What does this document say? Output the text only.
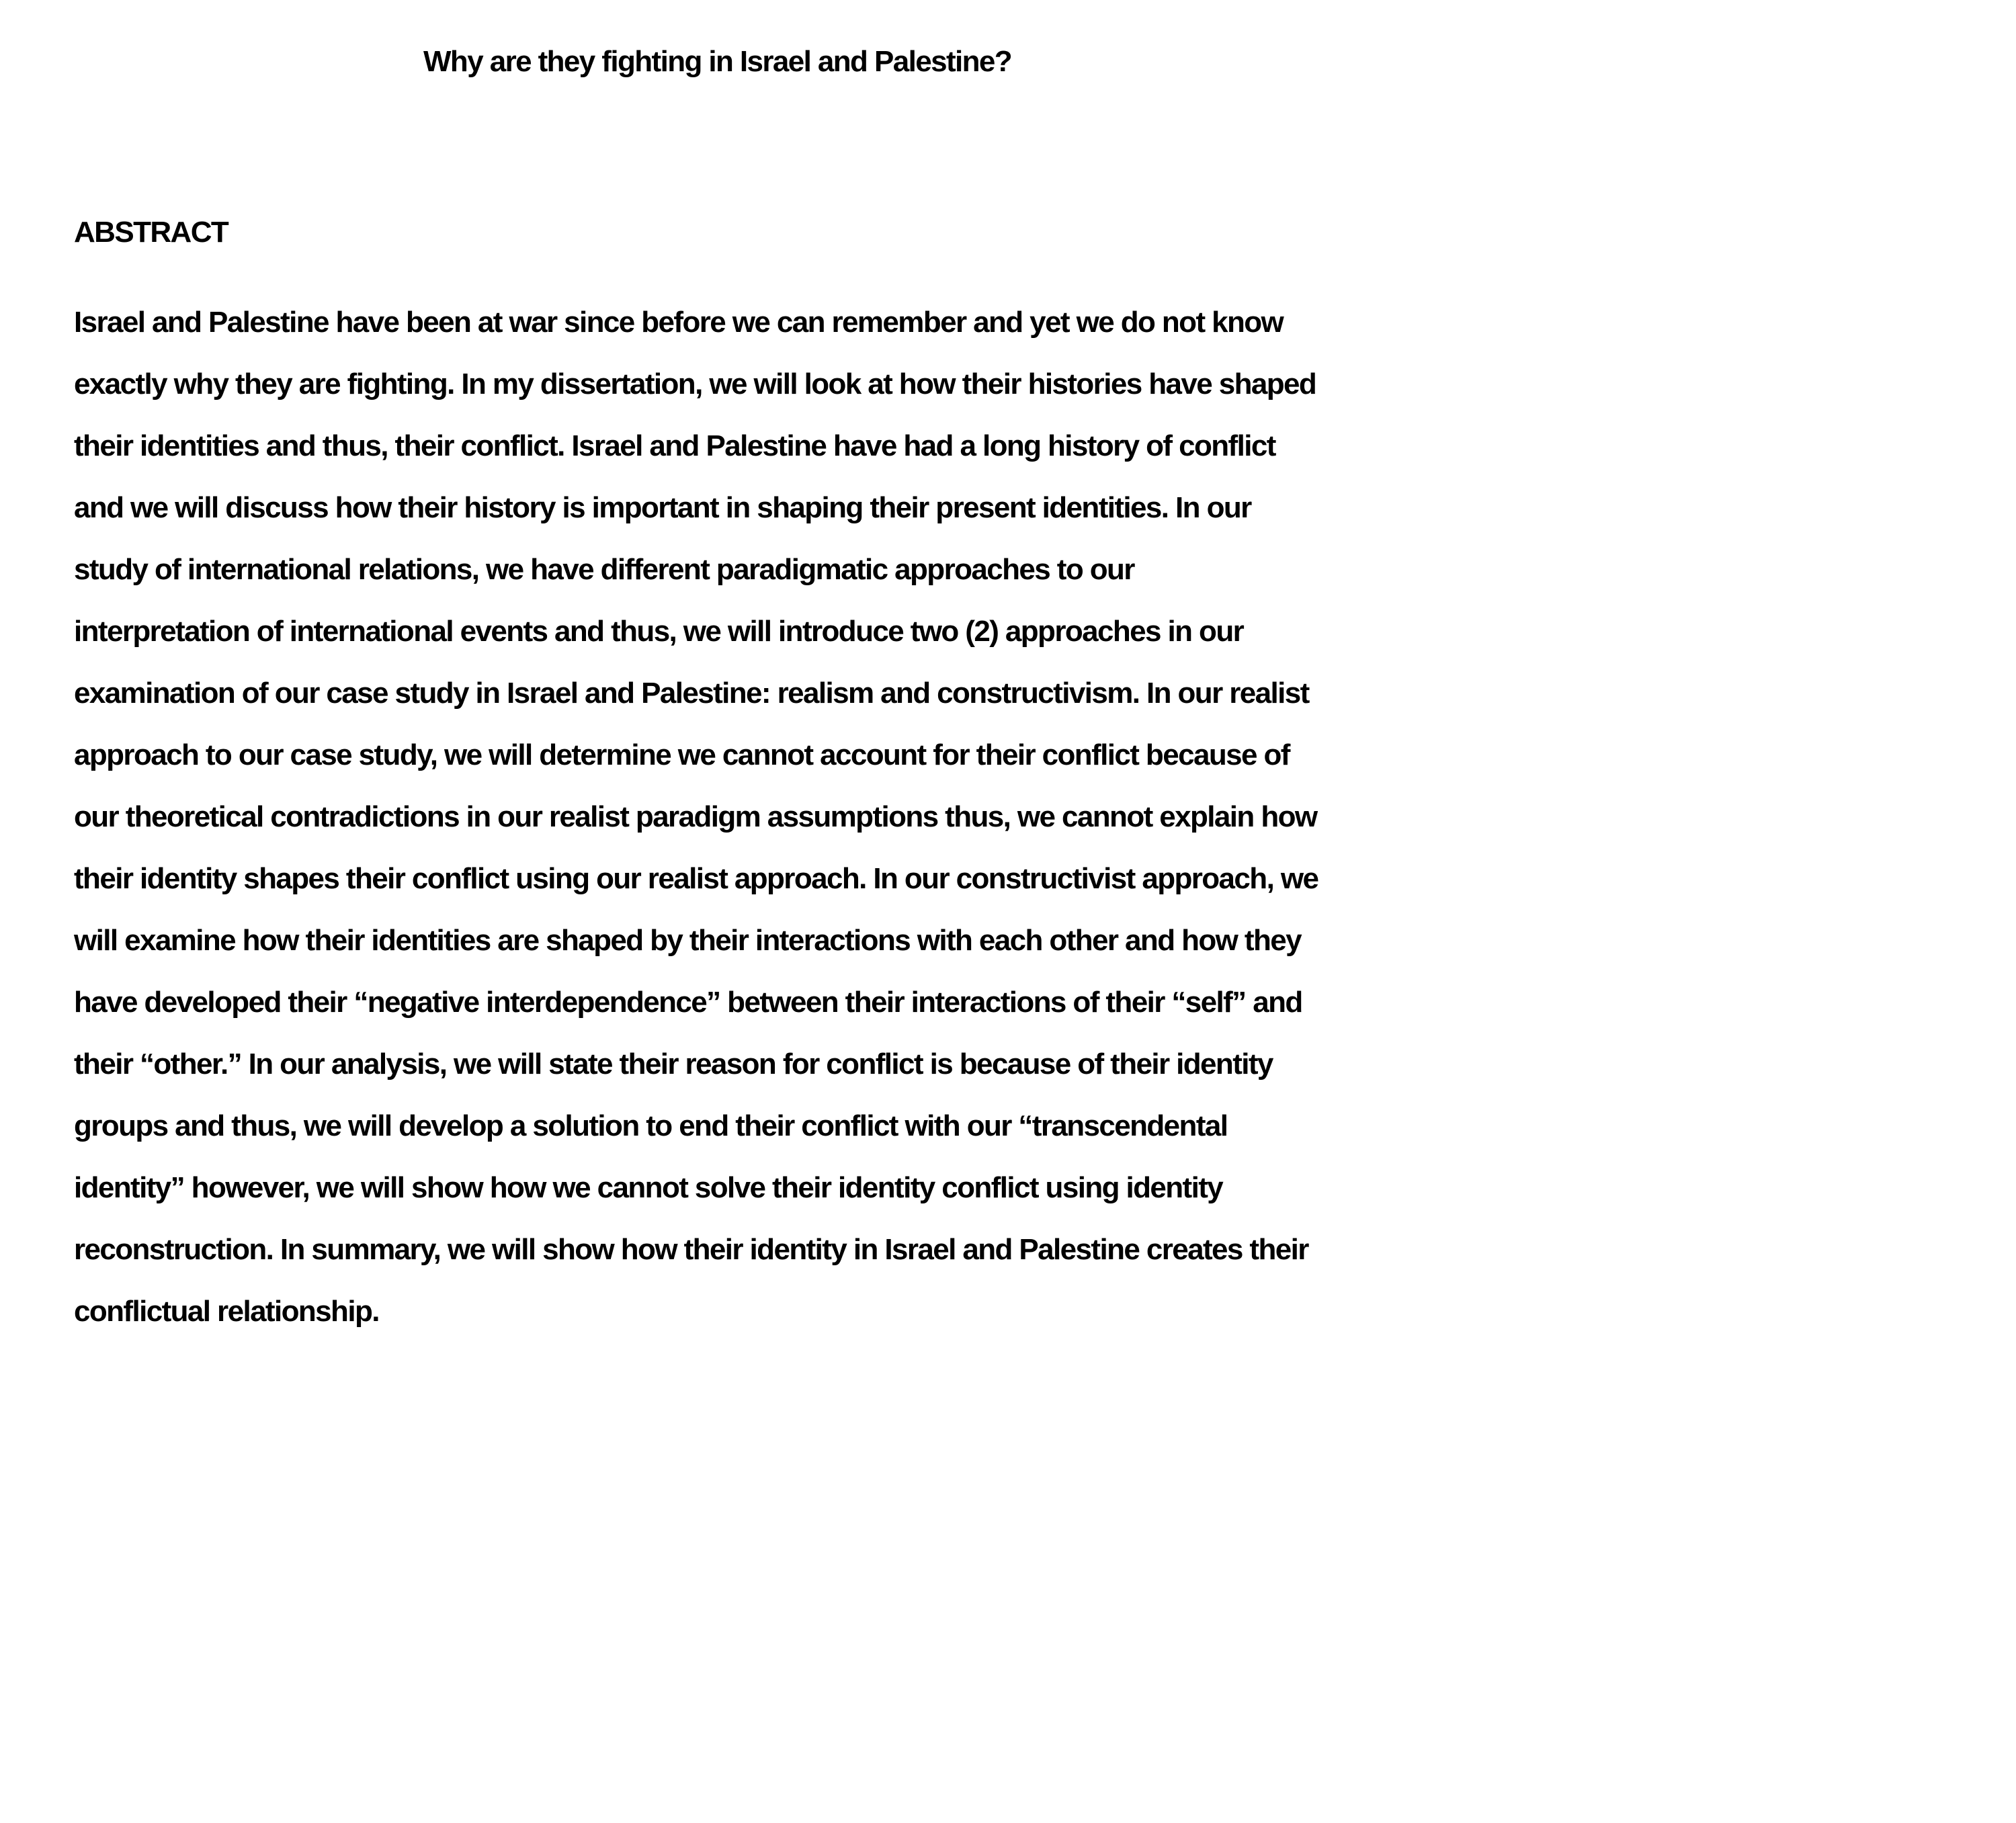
Why are they fighting in Israel and Palestine?
ABSTRACT

Israel and Palestine have been at war since before we can remember and yet we do not know
exactly why they are fighting. In my dissertation, we will look at how their histories have shaped
their identities and thus, their conflict. Israel and Palestine have had a long history of conflict
and we will discuss how their history is important in shaping their present identities. In our
study of international relations, we have different paradigmatic approaches to our
interpretation of international events and thus, we will introduce two (2) approaches in our
examination of our case study in Israel and Palestine: realism and constructivism. In our realist
approach to our case study, we will determine we cannot account for their conflict because of
our theoretical contradictions in our realist paradigm assumptions thus, we cannot explain how
their identity shapes their conflict using our realist approach. In our constructivist approach, we
will examine how their identities are shaped by their interactions with each other and how they
have developed their “negative interdependence” between their interactions of their “self” and
their “other.” In our analysis, we will state their reason for conflict is because of their identity
groups and thus, we will develop a solution to end their conflict with our “transcendental
identity” however, we will show how we cannot solve their identity conflict using identity
reconstruction. In summary, we will show how their identity in Israel and Palestine creates their
conflictual relationship.
